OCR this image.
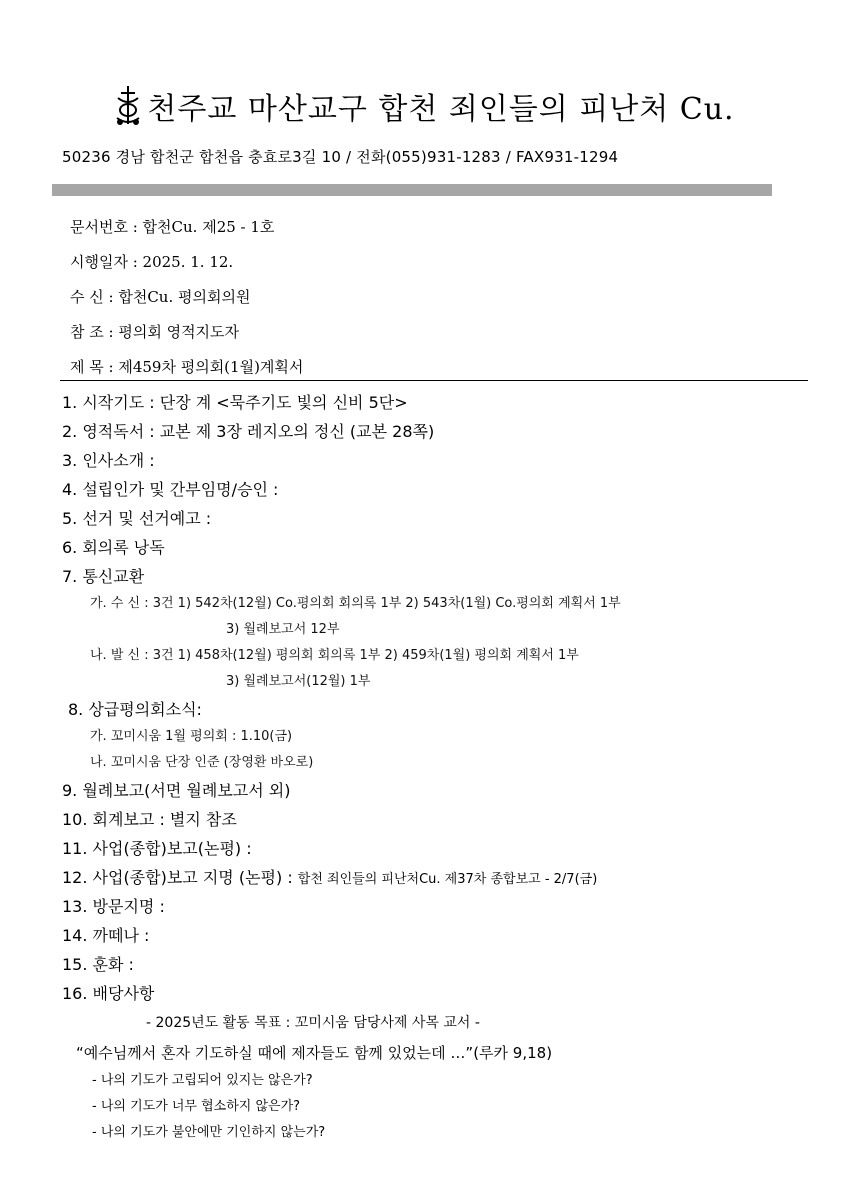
천주교 마산교구 합천 죄인들의 피난처 Cu.
50236 경남 합천군 합천읍 충효로3길 10 / 전화(055)931-1283 / FAX931-1294
문서번호 : 합천Cu. 제25 - 1호
시행일자 : 2025. 1. 12.
수 신 : 합천Cu. 평의회의원
참 조 : 평의회 영적지도자
제 목 : 제459차 평의회(1월)계획서
1. 시작기도 : 단장 계 <묵주기도 빛의 신비 5단>
2. 영적독서 : 교본 제 3장 레지오의 정신 (교본 28쪽)
3. 인사소개 :
4. 설립인가 및 간부임명/승인 :
5. 선거 및 선거예고 :
6. 회의록 낭독
7. 통신교환
가. 수 신 : 3건 1) 542차(12월) Co.평의회 회의록 1부 2) 543차(1월) Co.평의회 계획서 1부
3) 월례보고서 12부
나. 발 신 : 3건 1) 458차(12월) 평의회 회의록 1부 2) 459차(1월) 평의회 계획서 1부
3) 월례보고서(12월) 1부
8. 상급평의회소식:
가. 꼬미시움 1월 평의회 : 1.10(금)
나. 꼬미시움 단장 인준 (장영환 바오로)
9. 월례보고(서면 월례보고서 외)
10. 회계보고 : 별지 참조
11. 사업(종합)보고(논평) :
12. 사업(종합)보고 지명 (논평) : 합천 죄인들의 피난처Cu. 제37차 종합보고 - 2/7(금)
13. 방문지명 :
14. 까떼나 :
15. 훈화 :
16. 배당사항
- 2025년도 활동 목표 : 꼬미시움 담당사제 사목 교서 -
“예수님께서 혼자 기도하실 때에 제자들도 함께 있었는데 …”(루카 9,18)
- 나의 기도가 고립되어 있지는 않은가?
- 나의 기도가 너무 협소하지 않은가?
- 나의 기도가 불안에만 기인하지 않는가?
